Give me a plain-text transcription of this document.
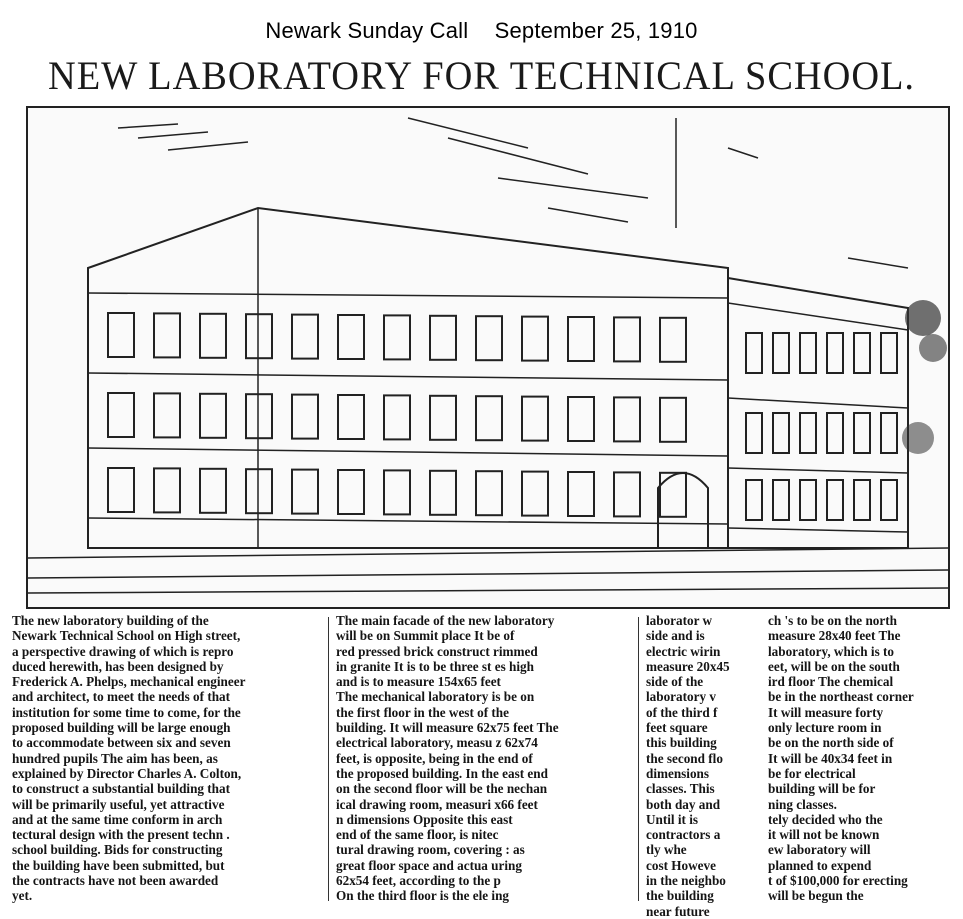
Newark Sunday Call September 25, 1910
NEW LABORATORY FOR TECHNICAL SCHOOL.
The new laboratory building of the
Newark Technical School on High street,
a perspective drawing of which is repro
duced herewith, has been designed by
Frederick A. Phelps, mechanical engineer
and architect, to meet the needs of that
institution for some time to come, for the
proposed building will be large enough
to accommodate between six and seven
hundred pupils The aim has been, as
explained by Director Charles A. Colton,
to construct a substantial building that
will be primarily useful, yet attractive
and at the same time conform in arch
tectural design with the present techn .
school building. Bids for constructing
the building have been submitted, but
the contracts have not been awarded
yet.
The main facade of the new laboratory
will be on Summit place It be of
red pressed brick construct rimmed
in granite It is to be three st es high
and is to measure 154x65 feet
The mechanical laboratory is be on
the first floor in the west of the
building. It will measure 62x75 feet The
electrical laboratory, measu z 62x74
feet, is opposite, being in the end of
the proposed building. In the east end
on the second floor will be the nechan
ical drawing room, measuri x66 feet
n dimensions Opposite this east
end of the same floor, is nitec
tural drawing room, covering : as
great floor space and actua uring
62x54 feet, according to the p
On the third floor is the ele ing
laborator w
side and is
electric wirin
measure 20x45
side of the
laboratory v
of the third f
feet square
this building
the second flo
dimensions
classes. This
both day and
Until it is
contractors a
tly whe
cost Howeve
in the neighbo
the building
near future
ch 's to be on the north
measure 28x40 feet The
laboratory, which is to
eet, will be on the south
ird floor The chemical
be in the northeast corner
It will measure forty
only lecture room in
be on the north side of
It will be 40x34 feet in
be for electrical
building will be for
ning classes.
tely decided who the
it will not be known
ew laboratory will
planned to expend
t of $100,000 for erecting
will be begun the
